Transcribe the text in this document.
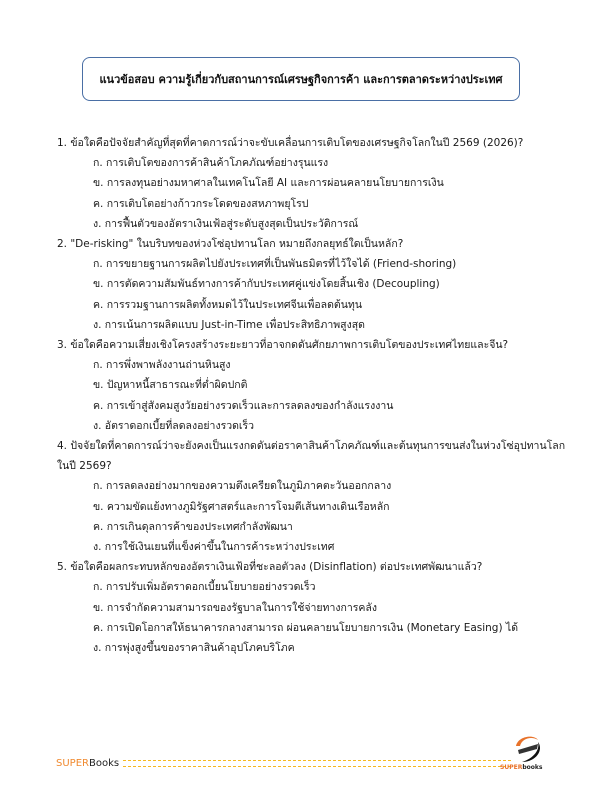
แนวข้อสอบ ความรู้เกี่ยวกับสถานการณ์เศรษฐกิจการค้า และการตลาดระหว่างประเทศ
1. ข้อใดคือปัจจัยสำคัญที่สุดที่คาดการณ์ว่าจะขับเคลื่อนการเติบโตของเศรษฐกิจโลกในปี 2569 (2026)?
ก. การเติบโตของการค้าสินค้าโภคภัณฑ์อย่างรุนแรง
ข. การลงทุนอย่างมหาศาลในเทคโนโลยี AI และการผ่อนคลายนโยบายการเงิน
ค. การเติบโตอย่างก้าวกระโดดของสหภาพยุโรป
ง. การฟื้นตัวของอัตราเงินเฟ้อสู่ระดับสูงสุดเป็นประวัติการณ์
2. "De-risking" ในบริบทของห่วงโซ่อุปทานโลก หมายถึงกลยุทธ์ใดเป็นหลัก?
ก. การขยายฐานการผลิตไปยังประเทศที่เป็นพันธมิตรที่ไว้ใจได้ (Friend-shoring)
ข. การตัดความสัมพันธ์ทางการค้ากับประเทศคู่แข่งโดยสิ้นเชิง (Decoupling)
ค. การรวมฐานการผลิตทั้งหมดไว้ในประเทศจีนเพื่อลดต้นทุน
ง. การเน้นการผลิตแบบ Just-in-Time เพื่อประสิทธิภาพสูงสุด
3. ข้อใดคือความเสี่ยงเชิงโครงสร้างระยะยาวที่อาจกดดันศักยภาพการเติบโตของประเทศไทยและจีน?
ก. การพึ่งพาพลังงานถ่านหินสูง
ข. ปัญหาหนี้สาธารณะที่ต่ำผิดปกติ
ค. การเข้าสู่สังคมสูงวัยอย่างรวดเร็วและการลดลงของกำลังแรงงาน
ง. อัตราดอกเบี้ยที่ลดลงอย่างรวดเร็ว
4. ปัจจัยใดที่คาดการณ์ว่าจะยังคงเป็นแรงกดดันต่อราคาสินค้าโภคภัณฑ์และต้นทุนการขนส่งในห่วงโซ่อุปทานโลก ในปี 2569?
ก. การลดลงอย่างมากของความตึงเครียดในภูมิภาคตะวันออกกลาง
ข. ความขัดแย้งทางภูมิรัฐศาสตร์และการโจมตีเส้นทางเดินเรือหลัก
ค. การเกินดุลการค้าของประเทศกำลังพัฒนา
ง. การใช้เงินเยนที่แข็งค่าขึ้นในการค้าระหว่างประเทศ
5. ข้อใดคือผลกระทบหลักของอัตราเงินเฟ้อที่ชะลอตัวลง (Disinflation) ต่อประเทศพัฒนาแล้ว?
ก. การปรับเพิ่มอัตราดอกเบี้ยนโยบายอย่างรวดเร็ว
ข. การจำกัดความสามารถของรัฐบาลในการใช้จ่ายทางการคลัง
ค. การเปิดโอกาสให้ธนาคารกลางสามารถ ผ่อนคลายนโยบายการเงิน (Monetary Easing) ได้
ง. การพุ่งสูงขึ้นของราคาสินค้าอุปโภคบริโภค
SUPER Books	SUPERbooks
